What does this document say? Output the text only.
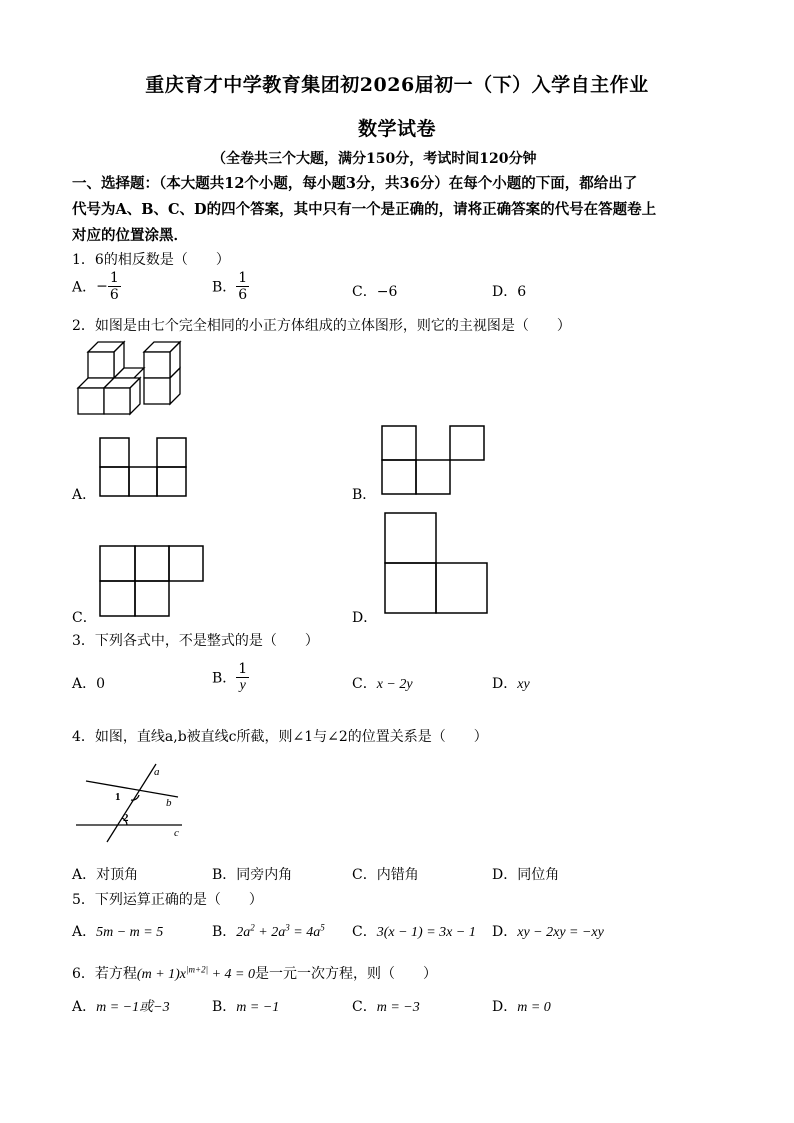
重庆育才中学教育集团初2026届初一（下）入学自主作业
数学试卷
（全卷共三个大题，满分150分，考试时间120分钟
一、选择题：（本大题共12个小题，每小题3分，共36分）在每个小题的下面，都给出了
代号为A、B、C、D的四个答案，其中只有一个是正确的，请将正确答案的代号在答题卷上
对应的位置涂黑．
1．6的相反数是（　　）
A．− $\frac{1}{6}$	B． $\frac{1}{6}$	C．−6	D．6
2．如图是由七个完全相同的小正方体组成的立体图形，则它的主视图是（　　）
A．	B．
C．	D．
3．下列各式中，不是整式的是（　　）
A．0	B． $\frac{1}{y}$	C．x − 2y	D．xy
4．如图，直线a,b被直线c所截，则∠1与∠2的位置关系是（　　）
a
b
c
1
2
A．对顶角	B．同旁内角	C．内错角	D．同位角
5．下列运算正确的是（　　）
A．5m − m = 5	B．$2a^2 + 2a^3 = 4a^5$ C．3(x − 1) = 3x − 1 D．xy − 2xy = −xy
6．若方程$(m + 1)x^{|m+2|} + 4 = 0$是一元一次方程，则（　　）
A．m = −1或−3	B．m = −1	C．m = −3	D．m = 0
